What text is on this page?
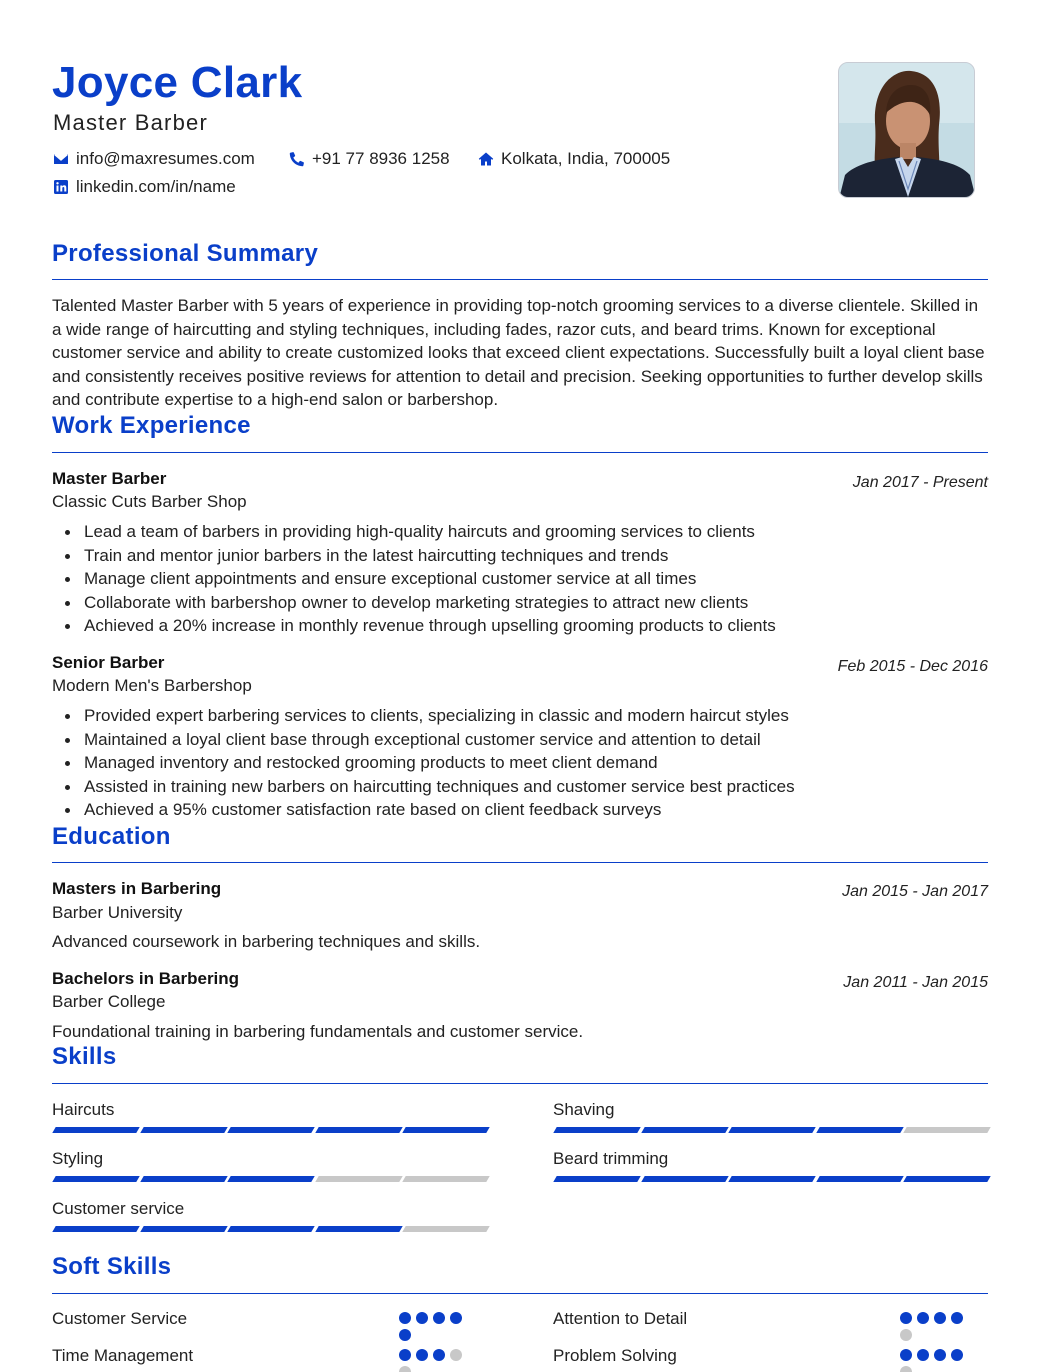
Joyce Clark
Master Barber
info@maxresumes.com	+91 77 8936 1258	Kolkata, India, 700005
linkedin.com/in/name
Professional Summary

Talented Master Barber with 5 years of experience in providing top-notch grooming services to a diverse clientele. Skilled in a wide range of haircutting and styling techniques, including fades, razor cuts, and beard trims. Known for exceptional customer service and ability to create customized looks that exceed client expectations. Successfully built a loyal client base and consistently receives positive reviews for attention to detail and precision. Seeking opportunities to further develop skills and contribute expertise to a high-end salon or barbershop.

Work Experience
Master Barber	Jan 2017 - Present
Classic Cuts Barber Shop
Lead a team of barbers in providing high-quality haircuts and grooming services to clients
Train and mentor junior barbers in the latest haircutting techniques and trends
Manage client appointments and ensure exceptional customer service at all times
Collaborate with barbershop owner to develop marketing strategies to attract new clients
Achieved a 20% increase in monthly revenue through upselling grooming products to clients
Senior Barber	Feb 2015 - Dec 2016
Modern Men's Barbershop
Provided expert barbering services to clients, specializing in classic and modern haircut styles
Maintained a loyal client base through exceptional customer service and attention to detail
Managed inventory and restocked grooming products to meet client demand
Assisted in training new barbers on haircutting techniques and customer service best practices
Achieved a 95% customer satisfaction rate based on client feedback surveys
Education
Masters in Barbering	Jan 2015 - Jan 2017
Barber University
Advanced coursework in barbering techniques and skills.
Bachelors in Barbering	Jan 2011 - Jan 2015
Barber College
Foundational training in barbering fundamentals and customer service.
Skills
Haircuts	Shaving
Styling	Beard trimming
Customer service
Soft Skills
Customer Service	Attention to Detail
Time Management	Problem Solving
